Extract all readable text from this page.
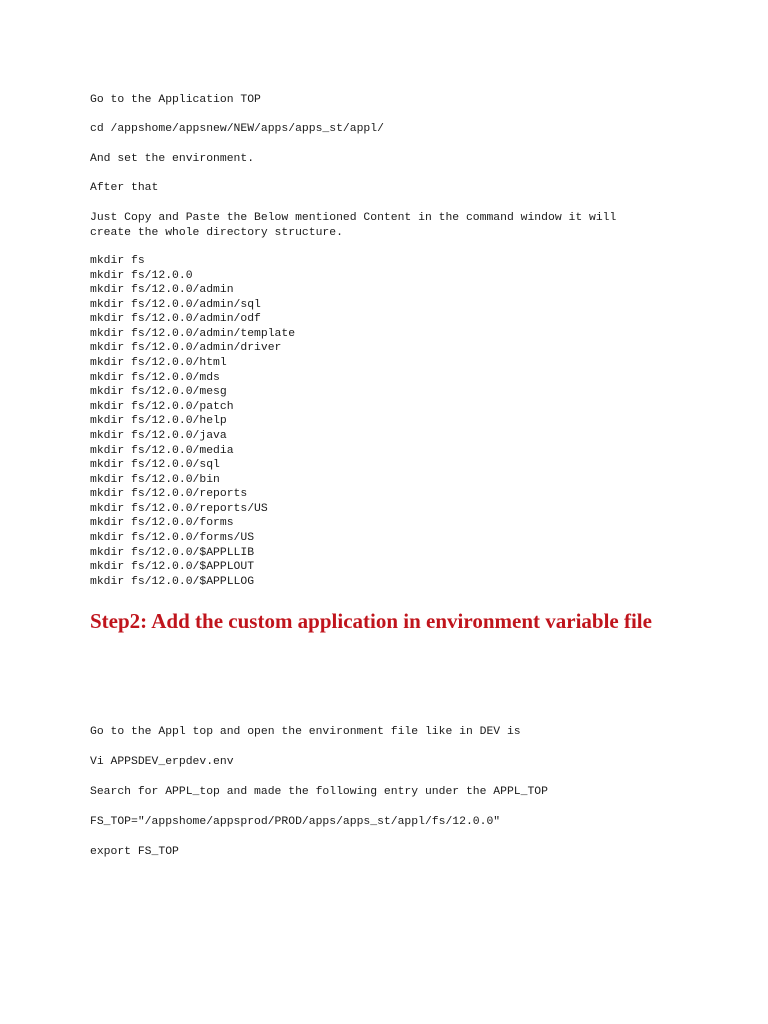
Go to the Application TOP

cd /appshome/appsnew/NEW/apps/apps_st/appl/

And set the environment.

After that

Just Copy and Paste the Below mentioned Content in the command window it will

create the whole directory structure.

mkdir fs
mkdir fs/12.0.0
mkdir fs/12.0.0/admin
mkdir fs/12.0.0/admin/sql
mkdir fs/12.0.0/admin/odf
mkdir fs/12.0.0/admin/template
mkdir fs/12.0.0/admin/driver
mkdir fs/12.0.0/html
mkdir fs/12.0.0/mds
mkdir fs/12.0.0/mesg
mkdir fs/12.0.0/patch
mkdir fs/12.0.0/help
mkdir fs/12.0.0/java
mkdir fs/12.0.0/media
mkdir fs/12.0.0/sql
mkdir fs/12.0.0/bin
mkdir fs/12.0.0/reports
mkdir fs/12.0.0/reports/US
mkdir fs/12.0.0/forms
mkdir fs/12.0.0/forms/US
mkdir fs/12.0.0/$APPLLIB
mkdir fs/12.0.0/$APPLOUT
mkdir fs/12.0.0/$APPLLOG
Step2: Add the custom application in environment variable file

Go to the Appl top and open the environment file like in DEV is

Vi APPSDEV_erpdev.env

Search for APPL_top and made the following entry under the APPL_TOP

FS_TOP="/appshome/appsprod/PROD/apps/apps_st/appl/fs/12.0.0"

export FS_TOP
